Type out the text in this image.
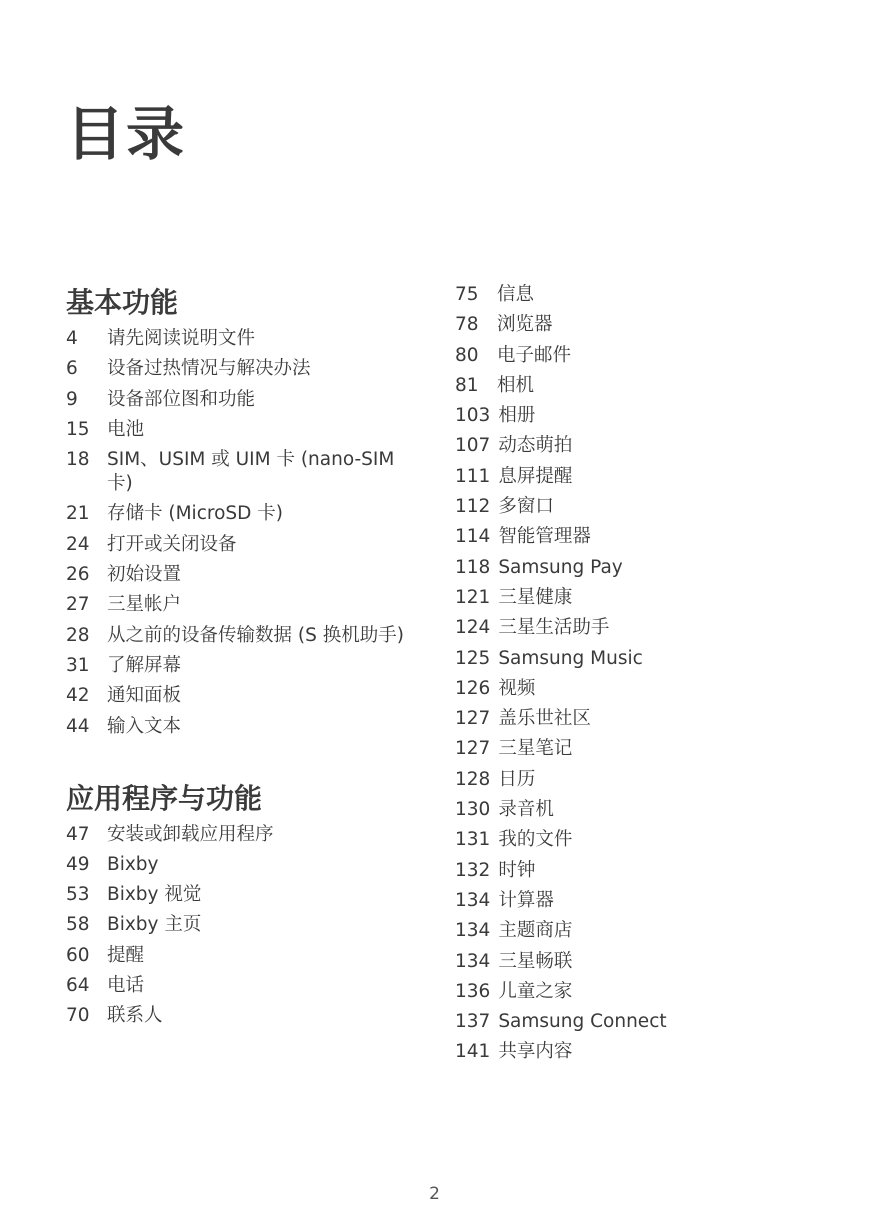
目录
基本功能
4	请先阅读说明文件
6	设备过热情况与解决办法
9	设备部位图和功能
15 电池
18 SIM、USIM 或 UIM 卡 (nano-SIM 卡)
21 存储卡 (MicroSD 卡)
24 打开或关闭设备
26 初始设置
27 三星帐户
28 从之前的设备传输数据 (S 换机助手)
31 了解屏幕
42 通知面板
44 输入文本
应用程序与功能
47 安装或卸载应用程序
49 Bixby
53 Bixby 视觉
58 Bixby 主页
60 提醒
64 电话
70 联系人
75 信息
78 浏览器
80 电子邮件
81 相机
103 相册
107 动态萌拍
111 息屏提醒
112 多窗口
114 智能管理器
118 Samsung Pay
121 三星健康
124 三星生活助手
125 Samsung Music
126 视频
127 盖乐世社区
127 三星笔记
128 日历
130 录音机
131 我的文件
132 时钟
134 计算器
134 主题商店
134 三星畅联
136 儿童之家
137 Samsung Connect
141 共享内容
2
